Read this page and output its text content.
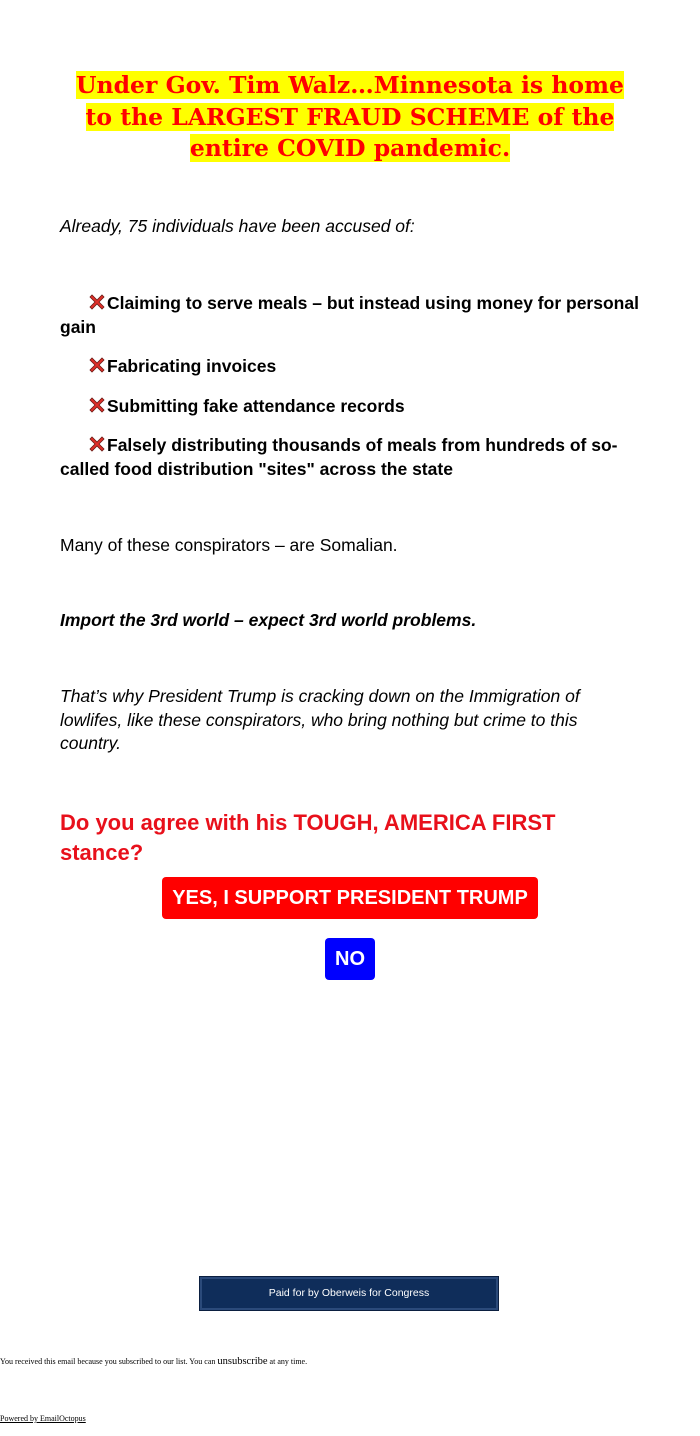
Under Gov. Tim Walz…Minnesota is home to the LARGEST FRAUD SCHEME of the entire COVID pandemic.
Already, 75 individuals have been accused of:

Claiming to serve meals – but instead using money for personal gain

Fabricating invoices

Submitting fake attendance records

Falsely distributing thousands of meals from hundreds of so-called food distribution "sites" across the state

Many of these conspirators – are Somalian.
Import the 3rd world – expect 3rd world problems.
That’s why President Trump is cracking down on the Immigration of lowlifes, like these conspirators, who bring nothing but crime to this country.
Do you agree with his TOUGH, AMERICA FIRST stance?
YES, I SUPPORT PRESIDENT TRUMP
NO
Paid for by Oberweis for Congress
You received this email because you subscribed to our list. You can unsubscribe at any time.
Powered by EmailOctopus
